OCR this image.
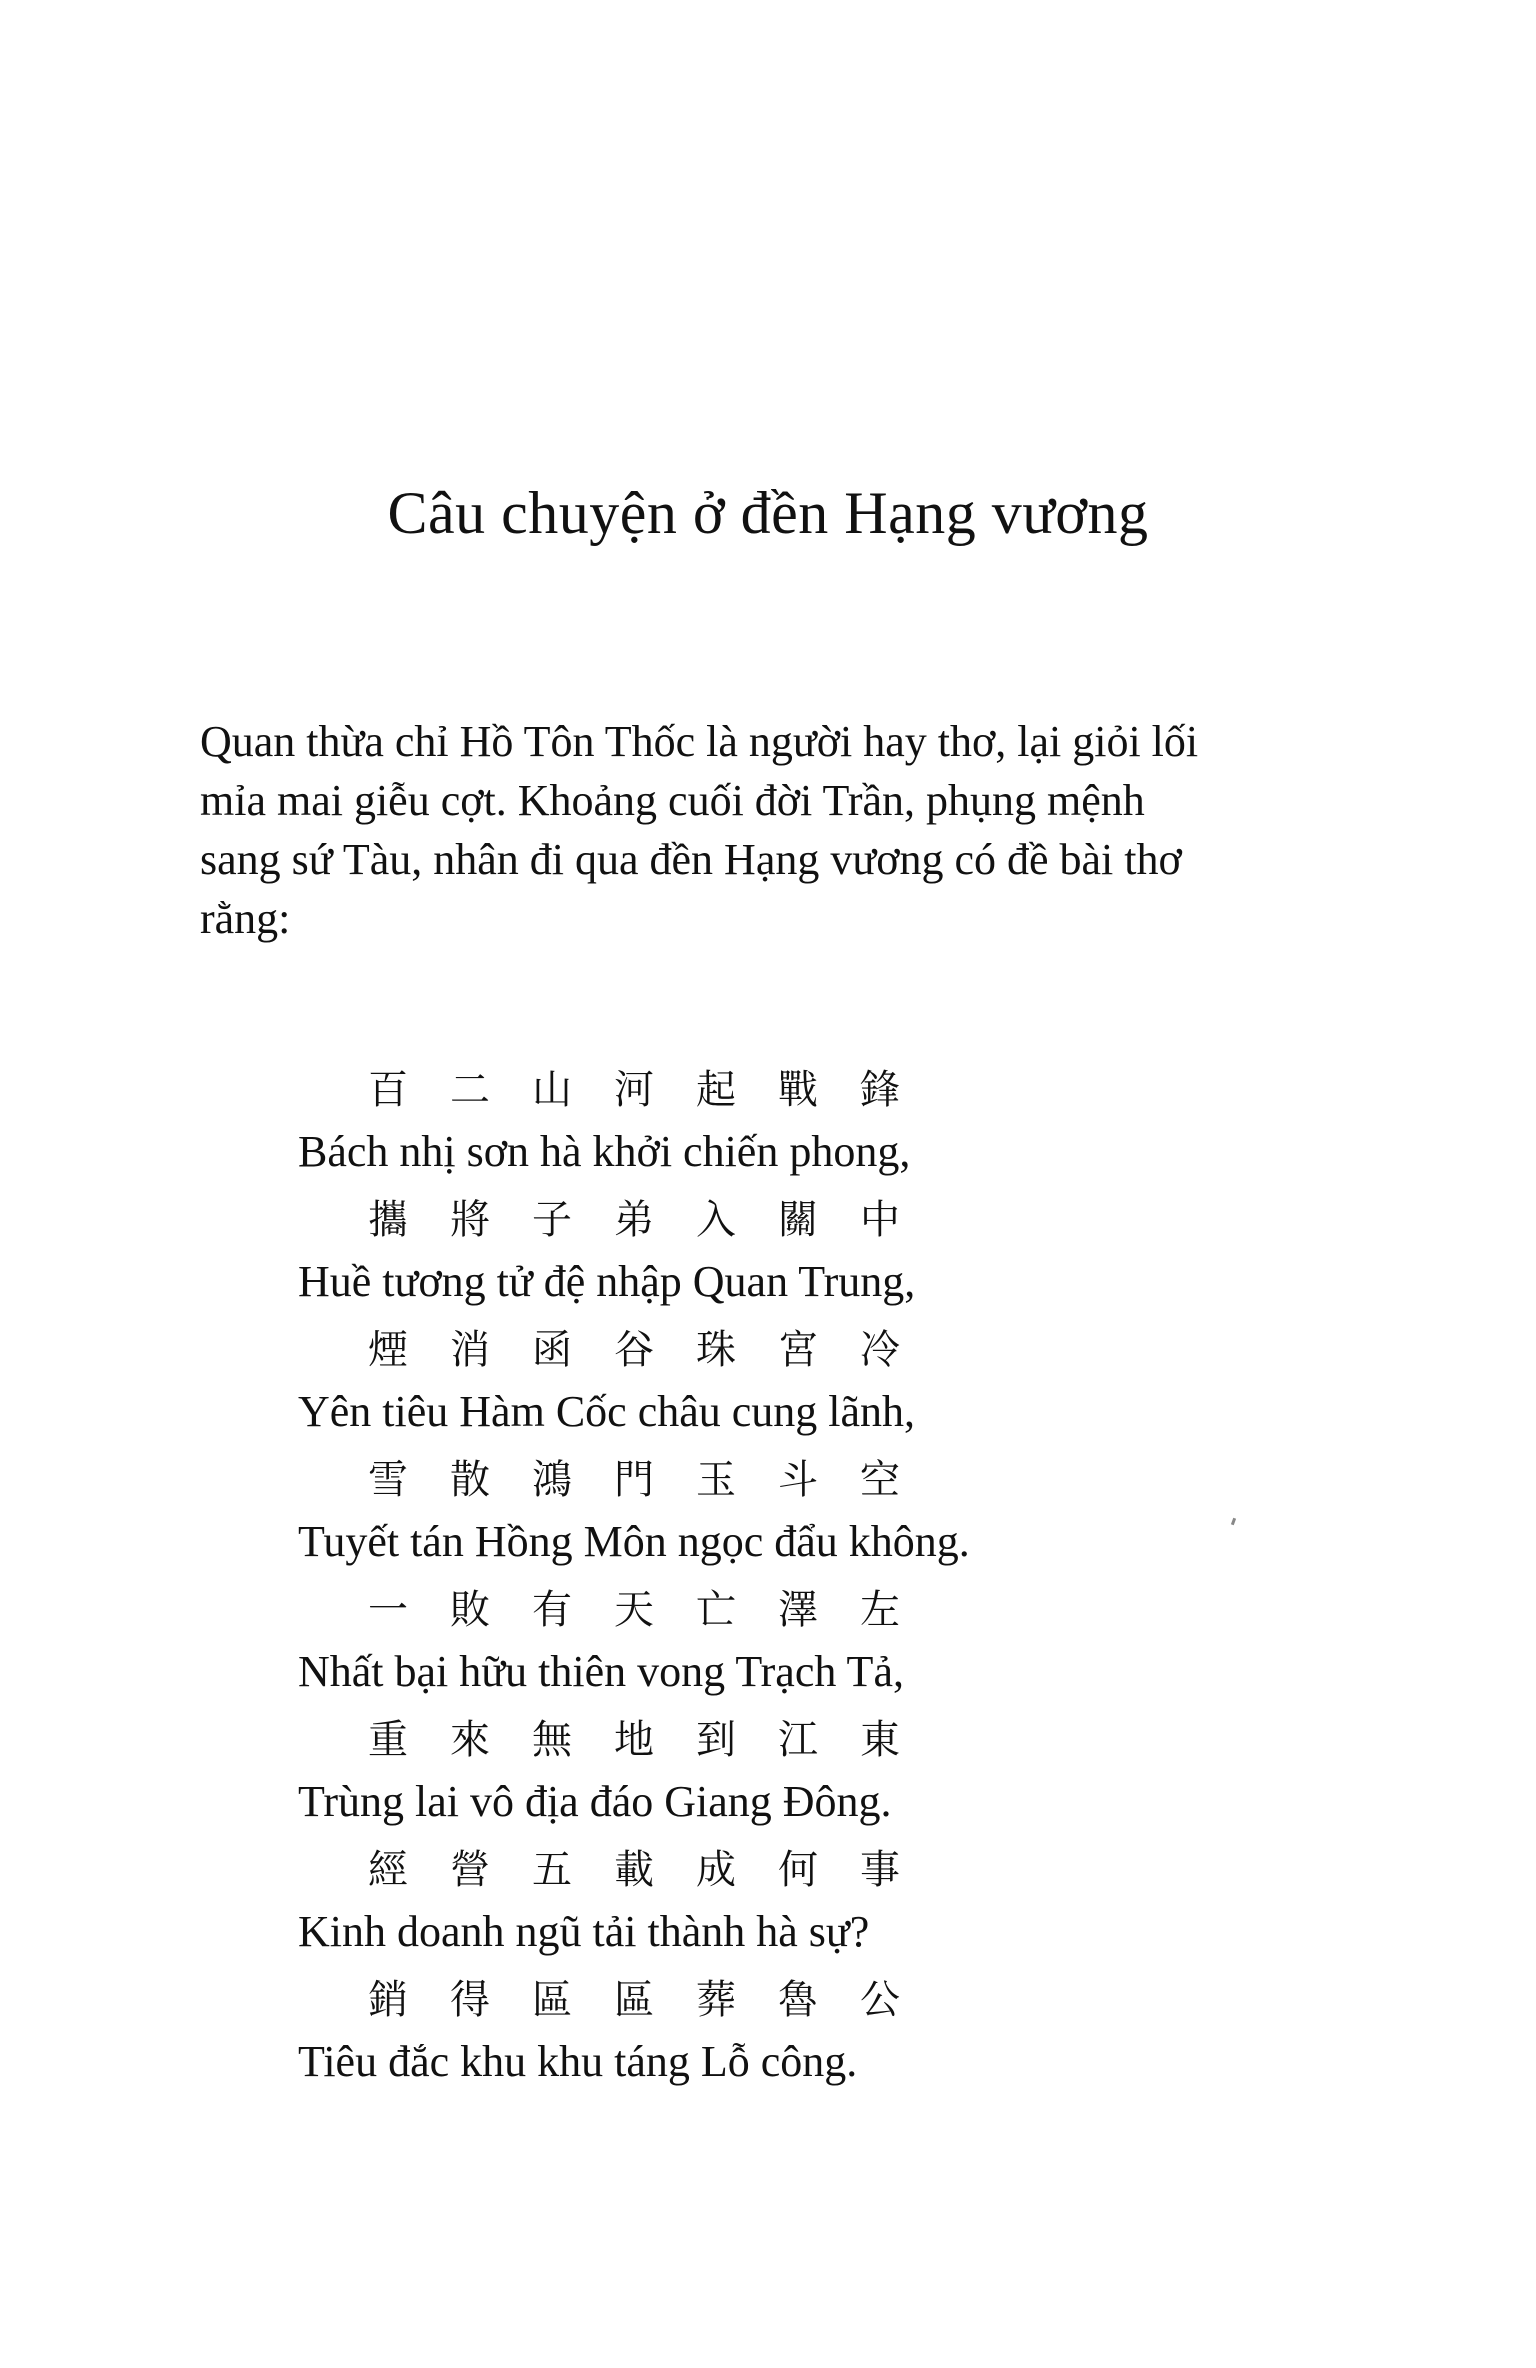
Câu chuyện ở đền Hạng vương
Quan thừa chỉ Hồ Tôn Thốc là người hay thơ, lại giỏi lối
mỉa mai giễu cợt. Khoảng cuối đời Trần, phụng mệnh
sang sứ Tàu, nhân đi qua đền Hạng vương có đề bài thơ
rằng:
百二山河起戰鋒
Bách nhị sơn hà khởi chiến phong,
攜將子弟入關中
Huề tương tử đệ nhập Quan Trung,
煙消函谷珠宮冷
Yên tiêu Hàm Cốc châu cung lãnh,
雪散鴻門玉斗空
Tuyết tán Hồng Môn ngọc đẩu không.
一敗有天亡澤左
Nhất bại hữu thiên vong Trạch Tả,
重來無地到江東
Trùng lai vô địa đáo Giang Đông.
經營五載成何事
Kinh doanh ngũ tải thành hà sự?
銷得區區葬魯公
Tiêu đắc khu khu táng Lỗ công.
